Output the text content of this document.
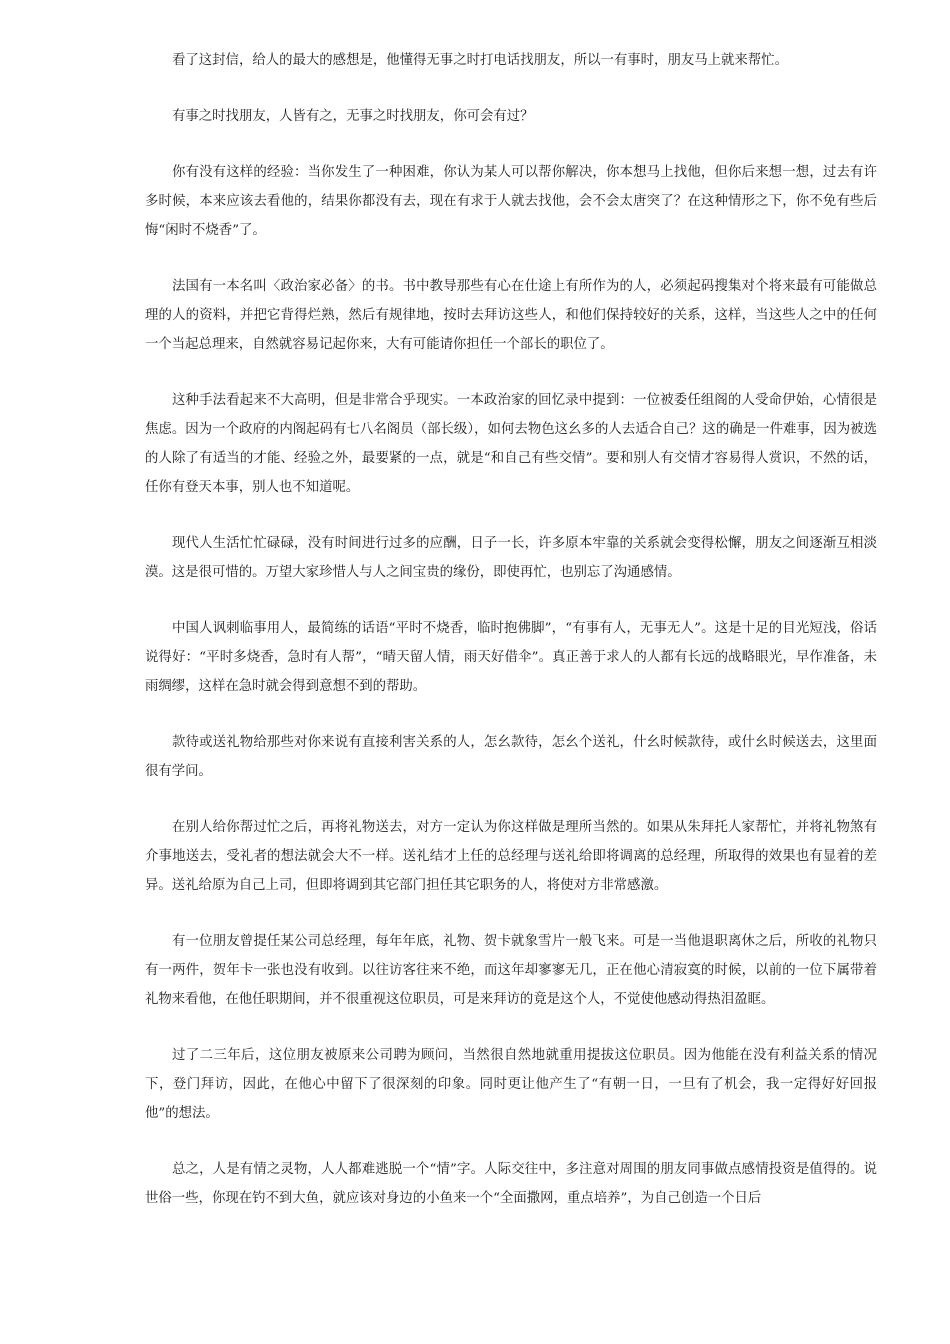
看了这封信，给人的最大的感想是，他懂得无事之时打电话找朋友，所以一有事时，朋友马上就来帮忙。

有事之时找朋友，人皆有之，无事之时找朋友，你可会有过？

你有没有这样的经验：当你发生了一种困难，你认为某人可以帮你解决，你本想马上找他，但你后来想一想，过去有许多时候，本来应该去看他的，结果你都没有去，现在有求于人就去找他，会不会太唐突了？在这种情形之下，你不免有些后悔“闲时不烧香”了。

法国有一本名叫〈政治家必备〉的书。书中教导那些有心在仕途上有所作为的人，必须起码搜集对个将来最有可能做总理的人的资料，并把它背得烂熟，然后有规律地，按时去拜访这些人，和他们保持较好的关系，这样，当这些人之中的任何一个当起总理来，自然就容易记起你来，大有可能请你担任一个部长的职位了。

这种手法看起来不大高明，但是非常合乎现实。一本政治家的回忆录中提到：一位被委任组阁的人受命伊始，心情很是焦虑。因为一个政府的内阁起码有七八名阁员（部长级），如何去物色这幺多的人去适合自己？这的确是一件难事，因为被选的人除了有适当的才能、经验之外，最要紧的一点，就是“和自己有些交情”。要和别人有交情才容易得人赏识，不然的话，任你有登天本事，别人也不知道呢。

现代人生活忙忙碌碌，没有时间进行过多的应酬，日子一长，许多原本牢靠的关系就会变得松懈，朋友之间逐渐互相淡漠。这是很可惜的。万望大家珍惜人与人之间宝贵的缘份，即使再忙，也别忘了沟通感情。

中国人讽刺临事用人，最简练的话语“平时不烧香，临时抱佛脚”，“有事有人，无事无人”。这是十足的目光短浅，俗话说得好：“平时多烧香，急时有人帮”，“晴天留人情，雨天好借伞”。真正善于求人的人都有长远的战略眼光，早作准备，未雨绸缪，这样在急时就会得到意想不到的帮助。

款待或送礼物给那些对你来说有直接利害关系的人，怎幺款待，怎幺个送礼，什幺时候款待，或什幺时候送去，这里面很有学问。

在别人给你帮过忙之后，再将礼物送去，对方一定认为你这样做是理所当然的。如果从朱拜托人家帮忙，并将礼物煞有介事地送去，受礼者的想法就会大不一样。送礼结才上任的总经理与送礼给即将调离的总经理，所取得的效果也有显着的差异。送礼给原为自己上司，但即将调到其它部门担任其它职务的人，将使对方非常感激。

有一位朋友曾提任某公司总经理，每年年底，礼物、贺卡就象雪片一般飞来。可是一当他退职离休之后，所收的礼物只有一两件，贺年卡一张也没有收到。以往访客往来不绝，而这年却寥寥无几，正在他心清寂寞的时候，以前的一位下属带着礼物来看他，在他任职期间，并不很重视这位职员，可是来拜访的竟是这个人，不觉使他感动得热泪盈眶。

过了二三年后，这位朋友被原来公司聘为顾问，当然很自然地就重用提拔这位职员。因为他能在没有利益关系的情况下，登门拜访，因此，在他心中留下了很深刻的印象。同时更让他产生了“有朝一日，一旦有了机会，我一定得好好回报他”的想法。

总之，人是有情之灵物，人人都难逃脱一个“情”字。人际交往中，多注意对周围的朋友同事做点感情投资是值得的。说世俗一些，你现在钓不到大鱼，就应该对身边的小鱼来一个“全面撒网，重点培养”，为自己创造一个日后
